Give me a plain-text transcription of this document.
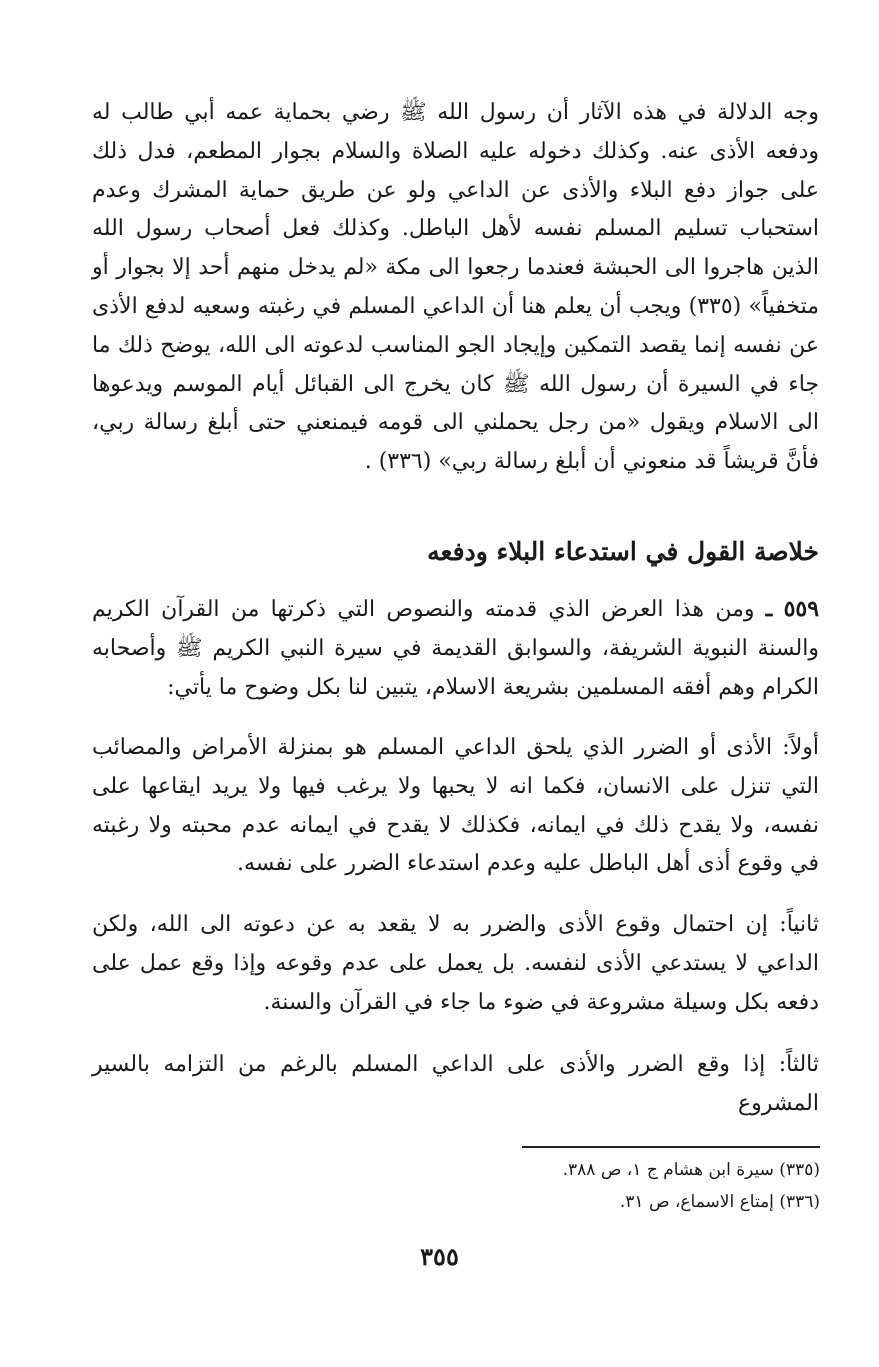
وجه الدلالة في هذه الآثار أن رسول الله ﷺ رضي بحماية عمه أبي طالب له ودفعه الأذى عنه. وكذلك دخوله عليه الصلاة والسلام بجوار المطعم، فدل ذلك على جواز دفع البلاء والأذى عن الداعي ولو عن طريق حماية المشرك وعدم استحباب تسليم المسلم نفسه لأهل الباطل. وكذلك فعل أصحاب رسول الله الذين هاجروا الى الحبشة فعندما رجعوا الى مكة «لم يدخل منهم أحد إلا بجوار أو متخفياً» (٣٣٥) ويجب أن يعلم هنا أن الداعي المسلم في رغبته وسعيه لدفع الأذى عن نفسه إنما يقصد التمكين وإيجاد الجو المناسب لدعوته الى الله، يوضح ذلك ما جاء في السيرة أن رسول الله ﷺ كان يخرج الى القبائل أيام الموسم ويدعوها الى الاسلام ويقول «من رجل يحملني الى قومه فيمنعني حتى أبلغ رسالة ربي، فأنَّ قريشاً قد منعوني أن أبلغ رسالة ربي» (٣٣٦) .
خلاصة القول في استدعاء البلاء ودفعه
٥٥٩ ـ ومن هذا العرض الذي قدمته والنصوص التي ذكرتها من القرآن الكريم والسنة النبوية الشريفة، والسوابق القديمة في سيرة النبي الكريم ﷺ وأصحابه الكرام وهم أفقه المسلمين بشريعة الاسلام، يتبين لنا بكل وضوح ما يأتي:
أولاً: الأذى أو الضرر الذي يلحق الداعي المسلم هو بمنزلة الأمراض والمصائب التي تنزل على الانسان، فكما انه لا يحبها ولا يرغب فيها ولا يريد ايقاعها على نفسه، ولا يقدح ذلك في ايمانه، فكذلك لا يقدح في ايمانه عدم محبته ولا رغبته في وقوع أذى أهل الباطل عليه وعدم استدعاء الضرر على نفسه.
ثانياً: إن احتمال وقوع الأذى والضرر به لا يقعد به عن دعوته الى الله، ولكن الداعي لا يستدعي الأذى لنفسه. بل يعمل على عدم وقوعه وإذا وقع عمل على دفعه بكل وسيلة مشروعة في ضوء ما جاء في القرآن والسنة.
ثالثاً: إذا وقع الضرر والأذى على الداعي المسلم بالرغم من التزامه بالسير المشروع
(٣٣٥) سيرة ابن هشام ج ١، ص ٣٨٨.
(٣٣٦) إمتاع الاسماع، ص ٣١.
٣٥٥
